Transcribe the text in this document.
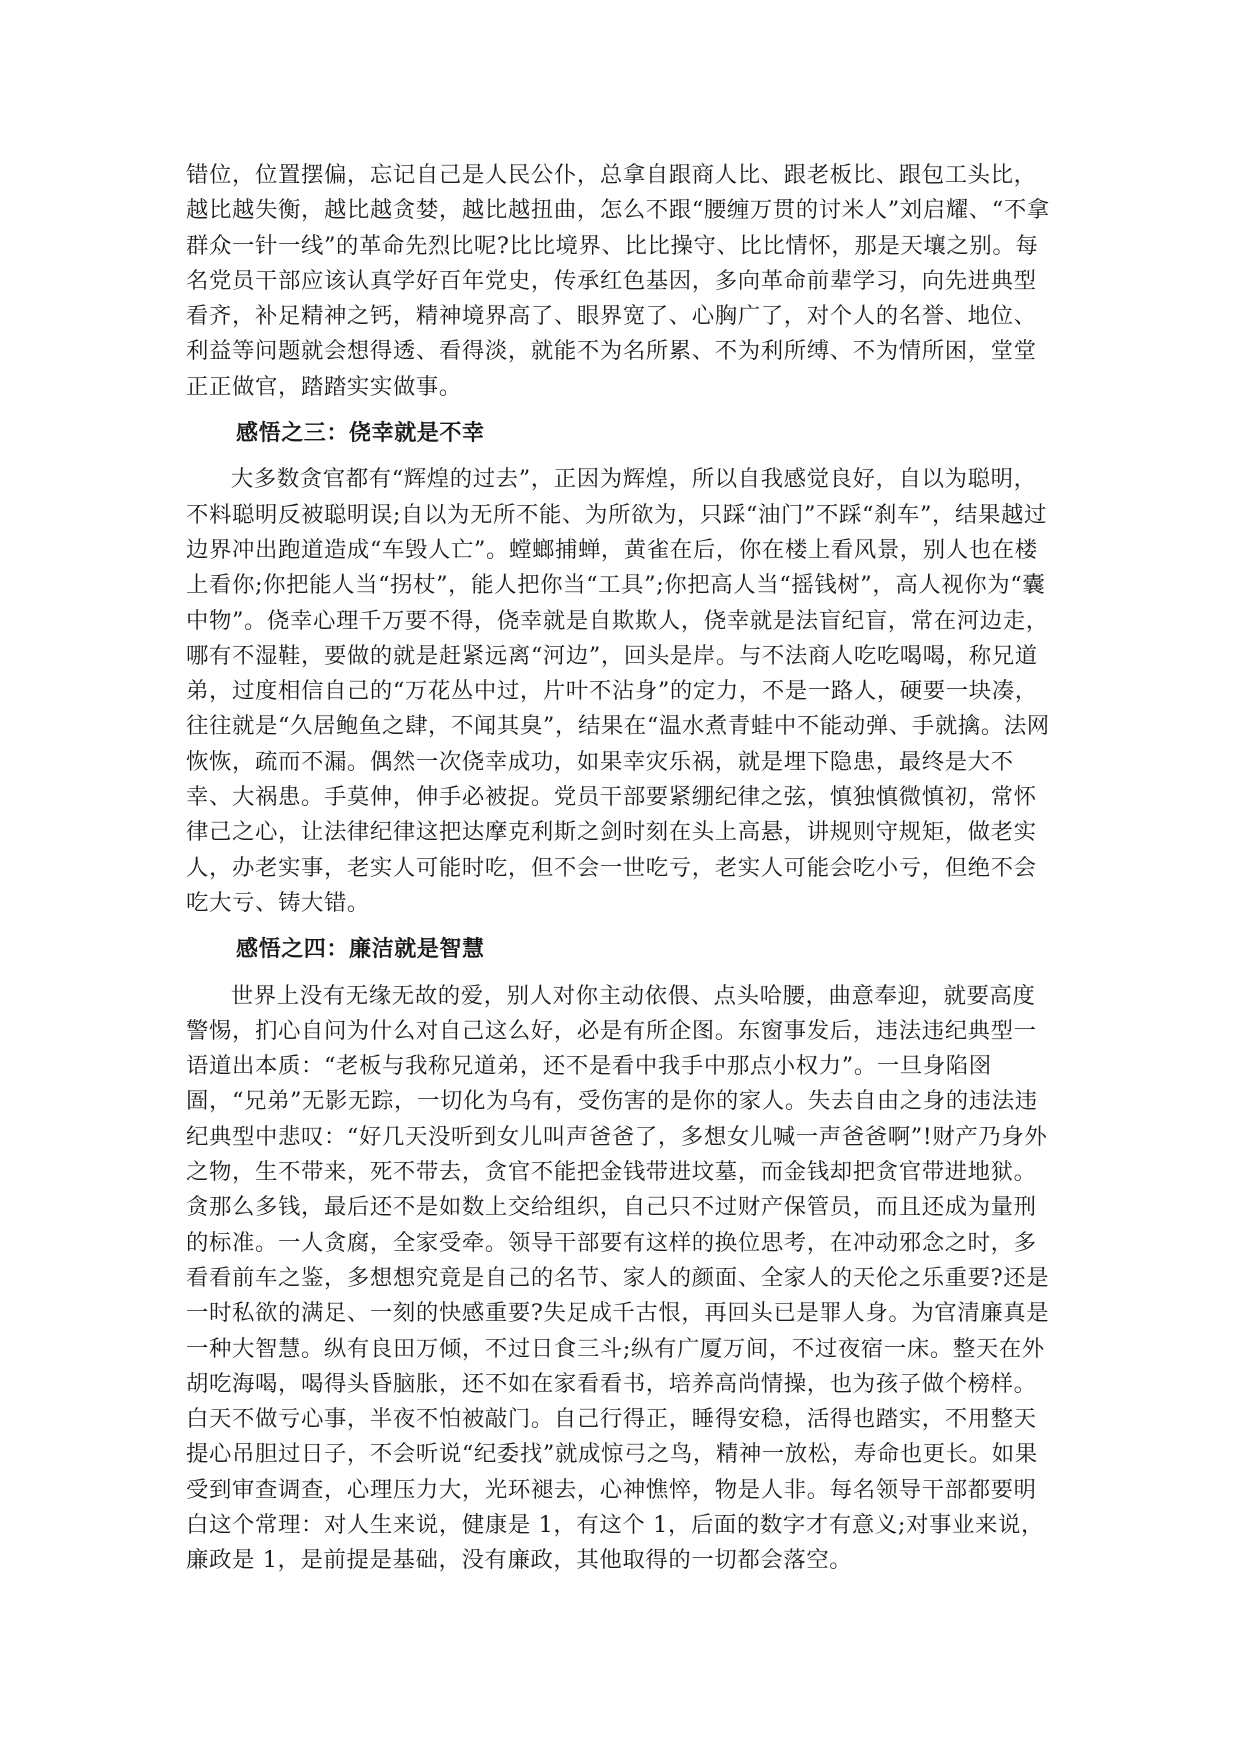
错位，位置摆偏，忘记自己是人民公仆，总拿自跟商人比、跟老板比、跟包工头比，越比越失衡，越比越贪婪，越比越扭曲，怎么不跟“腰缠万贯的讨米人”刘启耀、“不拿群众一针一线”的革命先烈比呢?比比境界、比比操守、比比情怀，那是天壤之别。每名党员干部应该认真学好百年党史，传承红色基因，多向革命前辈学习，向先进典型看齐，补足精神之钙，精神境界高了、眼界宽了、心胸广了，对个人的名誉、地位、利益等问题就会想得透、看得淡，就能不为名所累、不为利所缚、不为情所困，堂堂正正做官，踏踏实实做事。

感悟之三：侥幸就是不幸

大多数贪官都有“辉煌的过去”，正因为辉煌，所以自我感觉良好，自以为聪明，不料聪明反被聪明误;自以为无所不能、为所欲为，只踩“油门”不踩“刹车”，结果越过边界冲出跑道造成“车毁人亡”。螳螂捕蝉，黄雀在后，你在楼上看风景，别人也在楼上看你;你把能人当“拐杖”，能人把你当“工具”;你把高人当“摇钱树”，高人视你为“囊中物”。侥幸心理千万要不得，侥幸就是自欺欺人，侥幸就是法盲纪盲，常在河边走，哪有不湿鞋，要做的就是赶紧远离“河边”，回头是岸。与不法商人吃吃喝喝，称兄道弟，过度相信自己的“万花丛中过，片叶不沾身”的定力，不是一路人，硬要一块凑，往往就是“久居鲍鱼之肆，不闻其臭”，结果在“温水煮青蛙中不能动弹、手就擒。法网恢恢，疏而不漏。偶然一次侥幸成功，如果幸灾乐祸，就是埋下隐患，最终是大不幸、大祸患。手莫伸，伸手必被捉。党员干部要紧绷纪律之弦，慎独慎微慎初，常怀律己之心，让法律纪律这把达摩克利斯之剑时刻在头上高悬，讲规则守规矩，做老实人，办老实事，老实人可能时吃，但不会一世吃亏，老实人可能会吃小亏，但绝不会吃大亏、铸大错。

感悟之四：廉洁就是智慧

世界上没有无缘无故的爱，别人对你主动依偎、点头哈腰，曲意奉迎，就要高度警惕，扪心自问为什么对自己这么好，必是有所企图。东窗事发后，违法违纪典型一语道出本质：“老板与我称兄道弟，还不是看中我手中那点小权力”。一旦身陷囹圄，“兄弟”无影无踪，一切化为乌有，受伤害的是你的家人。失去自由之身的违法违纪典型中悲叹：“好几天没听到女儿叫声爸爸了，多想女儿喊一声爸爸啊”!财产乃身外之物，生不带来，死不带去，贪官不能把金钱带进坟墓，而金钱却把贪官带进地狱。贪那么多钱，最后还不是如数上交给组织，自己只不过财产保管员，而且还成为量刑的标准。一人贪腐，全家受牵。领导干部要有这样的换位思考，在冲动邪念之时，多看看前车之鉴，多想想究竟是自己的名节、家人的颜面、全家人的天伦之乐重要?还是一时私欲的满足、一刻的快感重要?失足成千古恨，再回头已是罪人身。为官清廉真是一种大智慧。纵有良田万倾，不过日食三斗;纵有广厦万间，不过夜宿一床。整天在外胡吃海喝，喝得头昏脑胀，还不如在家看看书，培养高尚情操，也为孩子做个榜样。白天不做亏心事，半夜不怕被敲门。自己行得正，睡得安稳，活得也踏实，不用整天提心吊胆过日子，不会听说“纪委找”就成惊弓之鸟，精神一放松，寿命也更长。如果受到审查调查，心理压力大，光环褪去，心神憔悴，物是人非。每名领导干部都要明白这个常理：对人生来说，健康是 1，有这个 1，后面的数字才有意义;对事业来说，廉政是 1，是前提是基础，没有廉政，其他取得的一切都会落空。
